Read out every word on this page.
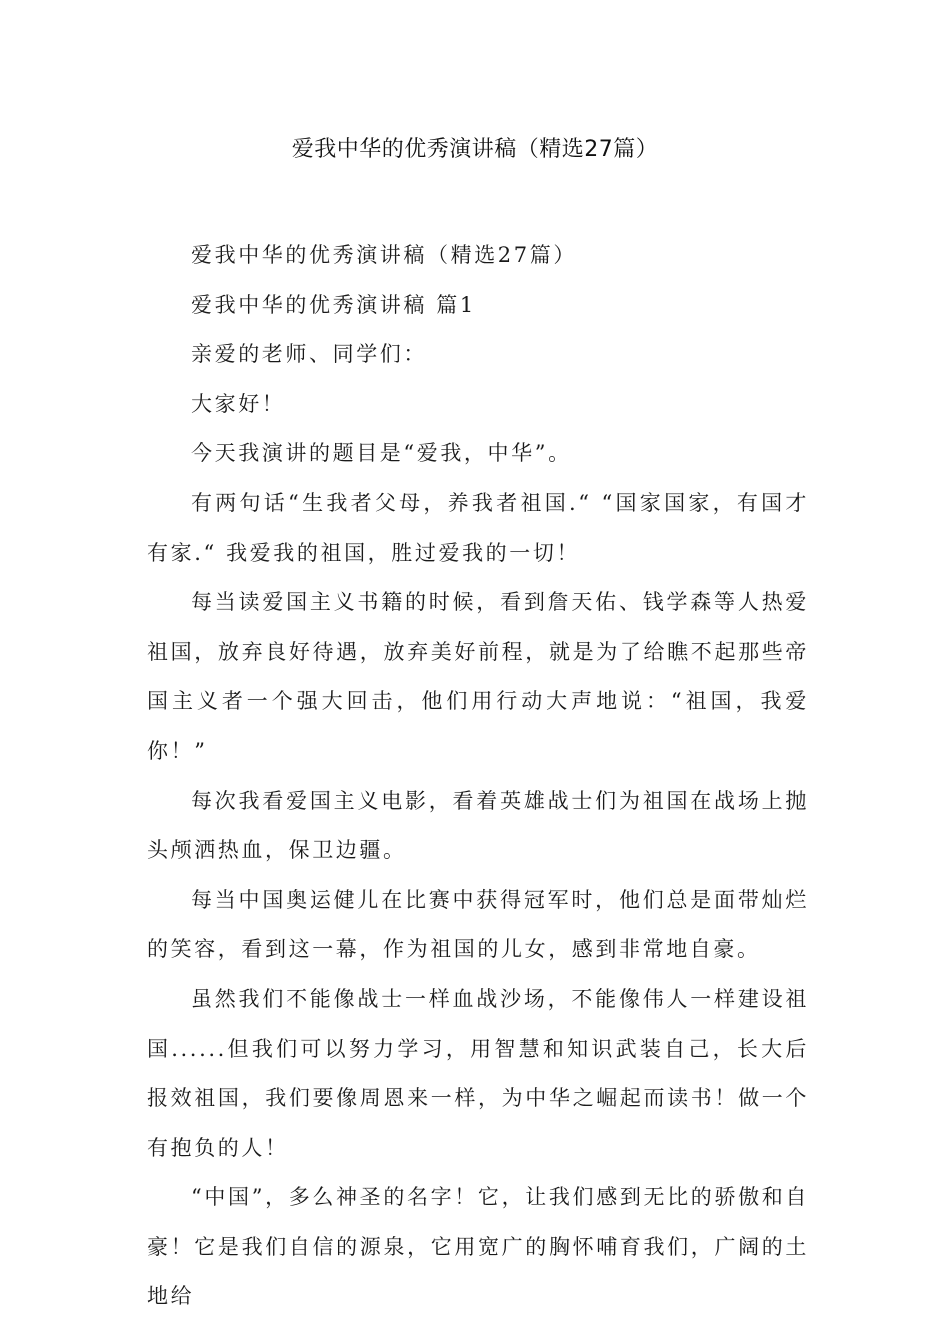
爱我中华的优秀演讲稿（精选27篇）

爱我中华的优秀演讲稿（精选27篇）

爱我中华的优秀演讲稿 篇1

亲爱的老师、同学们：

大家好！

今天我演讲的题目是“爱我，中华”。

有两句话“生我者父母，养我者祖国.“ “国家国家，有国才有家.“ 我爱我的祖国，胜过爱我的一切！

每当读爱国主义书籍的时候，看到詹天佑、钱学森等人热爱祖国，放弃良好待遇，放弃美好前程，就是为了给瞧不起那些帝国主义者一个强大回击，他们用行动大声地说：“祖国，我爱你！”

每次我看爱国主义电影，看着英雄战士们为祖国在战场上抛头颅洒热血，保卫边疆。

每当中国奥运健儿在比赛中获得冠军时，他们总是面带灿烂的笑容，看到这一幕，作为祖国的儿女，感到非常地自豪。

虽然我们不能像战士一样血战沙场，不能像伟人一样建设祖国......但我们可以努力学习，用智慧和知识武装自己，长大后报效祖国，我们要像周恩来一样，为中华之崛起而读书！做一个有抱负的人！

“中国”，多么神圣的名字！它，让我们感到无比的骄傲和自豪！它是我们自信的源泉，它用宽广的胸怀哺育我们，广阔的土地给
